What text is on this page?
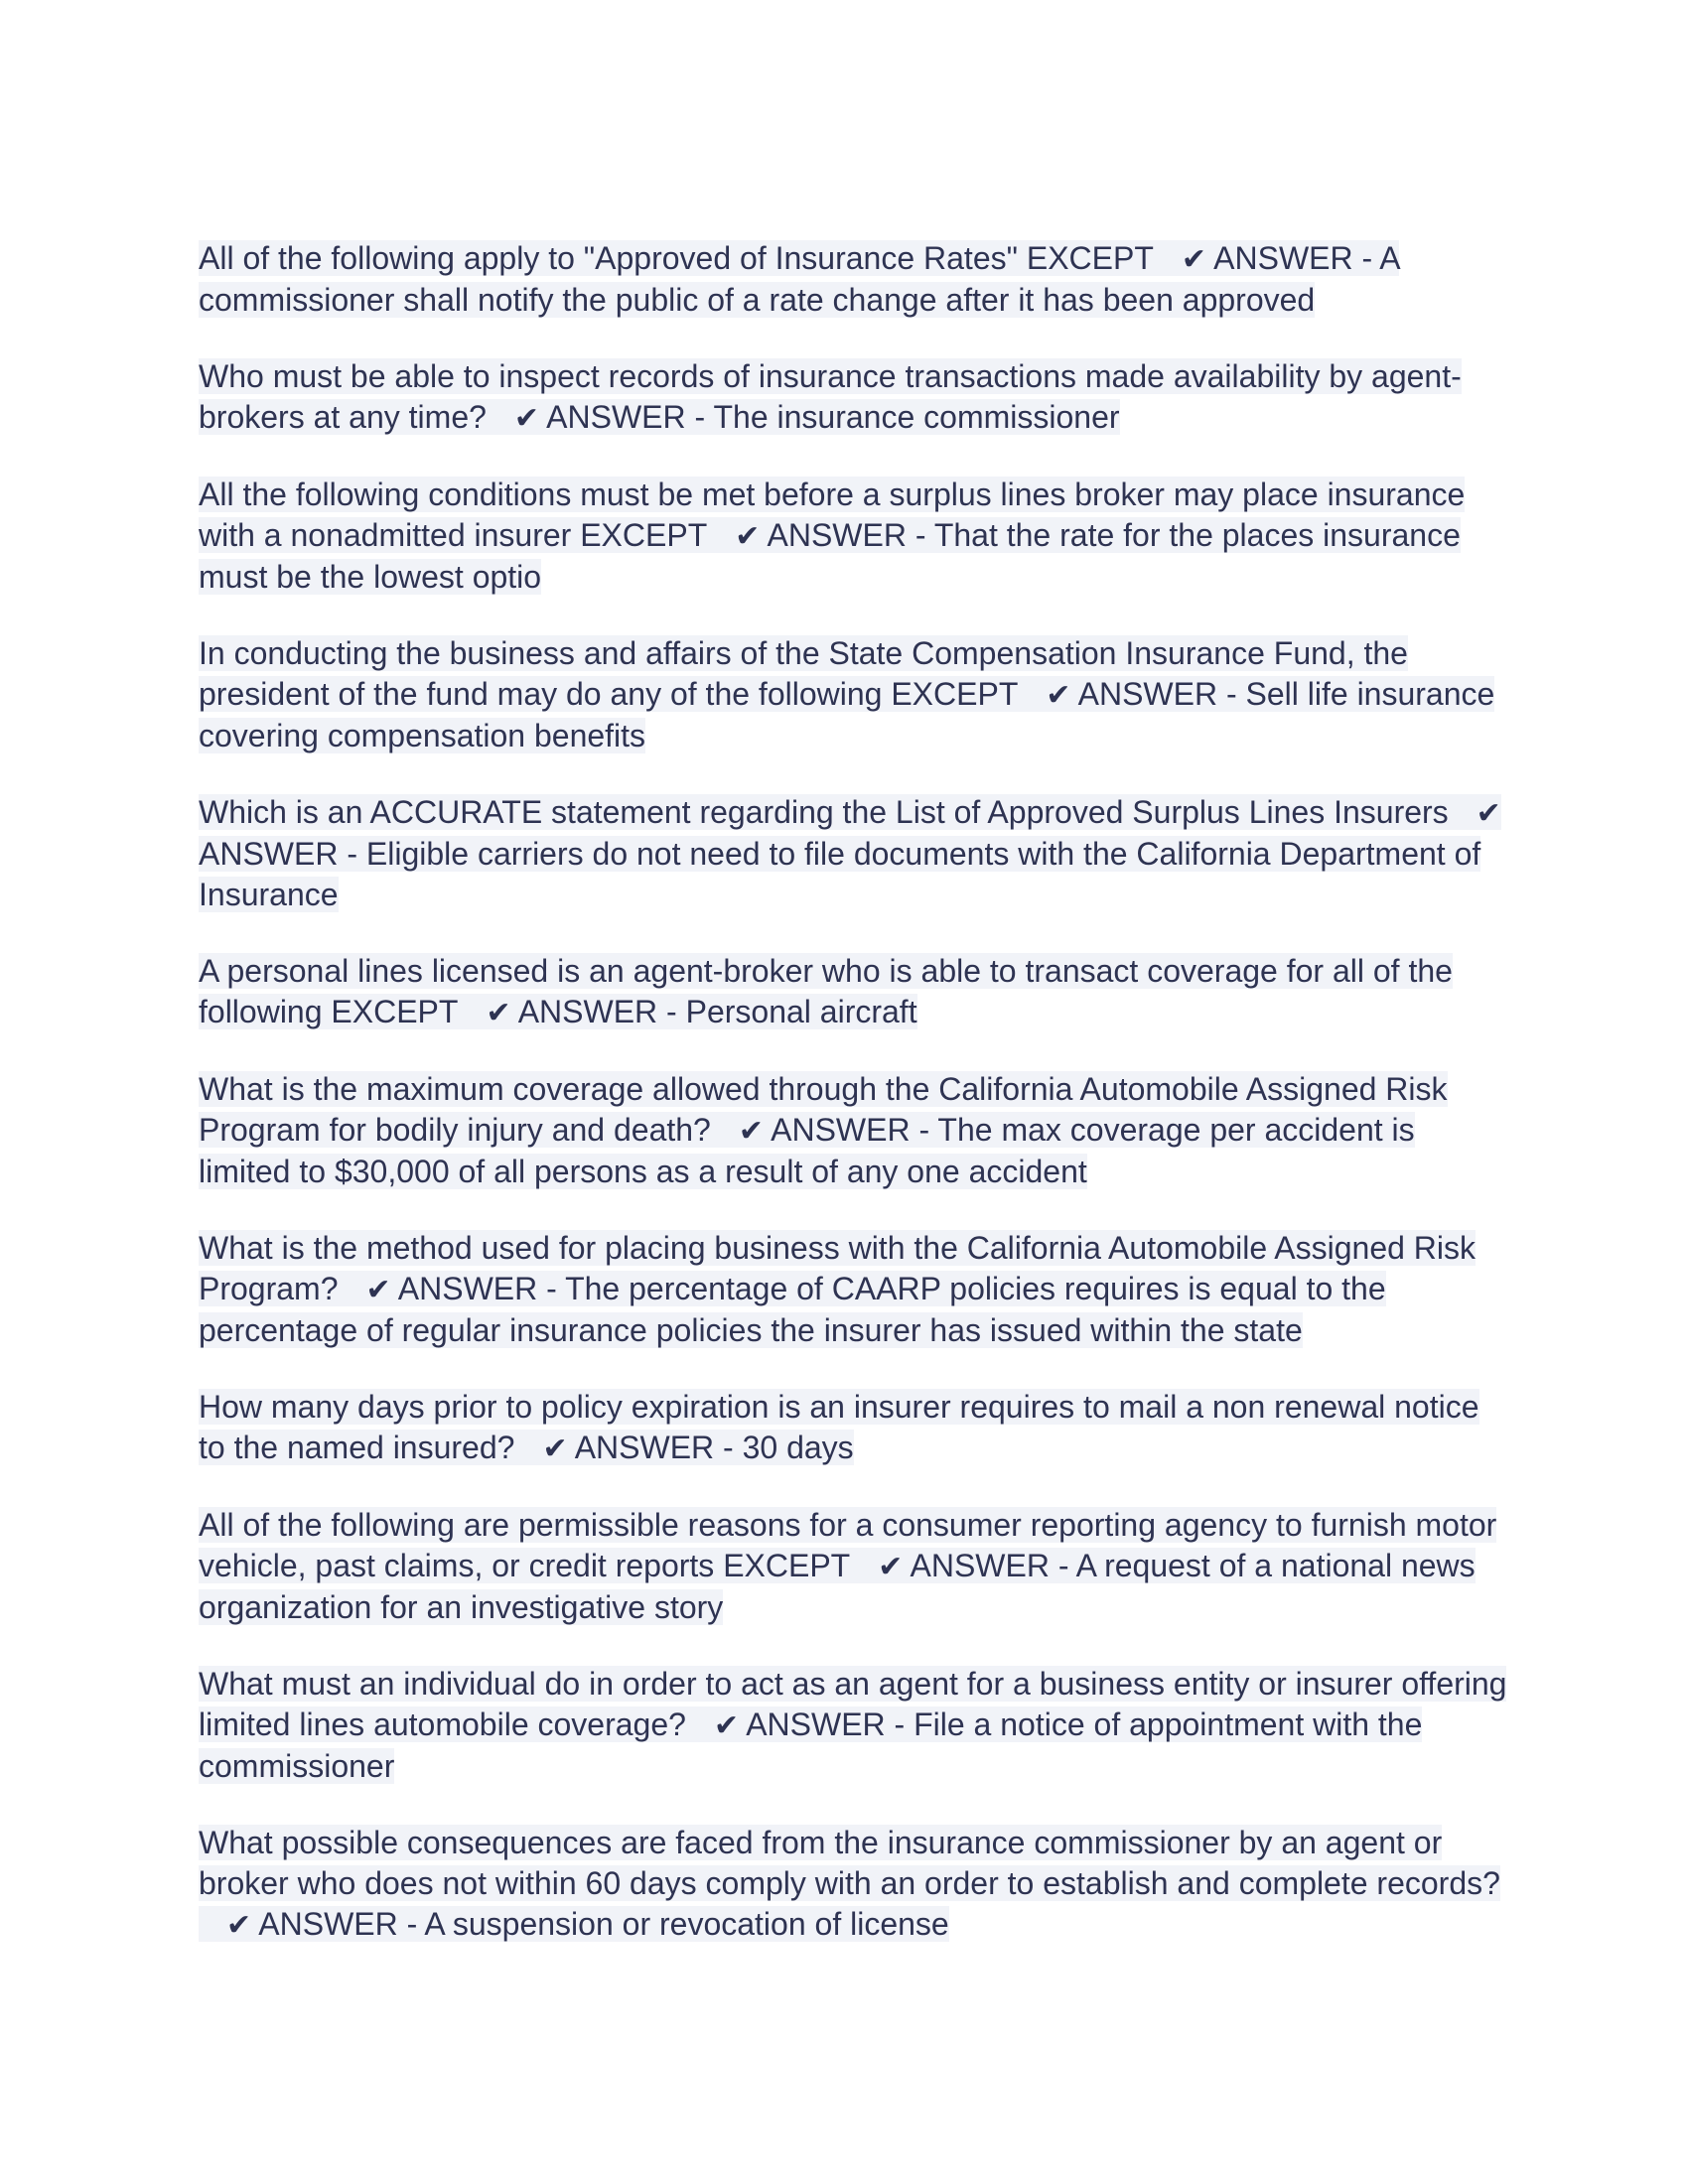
All of the following apply to "Approved of Insurance Rates" EXCEPT ✔ ANSWER - A commissioner shall notify the public of a rate change after it has been approved

Who must be able to inspect records of insurance transactions made availability by agent-brokers at any time? ✔ ANSWER - The insurance commissioner

All the following conditions must be met before a surplus lines broker may place insurance with a nonadmitted insurer EXCEPT ✔ ANSWER - That the rate for the places insurance must be the lowest optio

In conducting the business and affairs of the State Compensation Insurance Fund, the president of the fund may do any of the following EXCEPT ✔ ANSWER - Sell life insurance covering compensation benefits

Which is an ACCURATE statement regarding the List of Approved Surplus Lines Insurers ✔ ANSWER - Eligible carriers do not need to file documents with the California Department of Insurance

A personal lines licensed is an agent-broker who is able to transact coverage for all of the following EXCEPT ✔ ANSWER - Personal aircraft

What is the maximum coverage allowed through the California Automobile Assigned Risk Program for bodily injury and death? ✔ ANSWER - The max coverage per accident is limited to $30,000 of all persons as a result of any one accident

What is the method used for placing business with the California Automobile Assigned Risk Program? ✔ ANSWER - The percentage of CAARP policies requires is equal to the percentage of regular insurance policies the insurer has issued within the state

How many days prior to policy expiration is an insurer requires to mail a non renewal notice to the named insured? ✔ ANSWER - 30 days

All of the following are permissible reasons for a consumer reporting agency to furnish motor vehicle, past claims, or credit reports EXCEPT ✔ ANSWER - A request of a national news organization for an investigative story

What must an individual do in order to act as an agent for a business entity or insurer offering limited lines automobile coverage? ✔ ANSWER - File a notice of appointment with the commissioner

What possible consequences are faced from the insurance commissioner by an agent or broker who does not within 60 days comply with an order to establish and complete records?✔ ANSWER - A suspension or revocation of license
